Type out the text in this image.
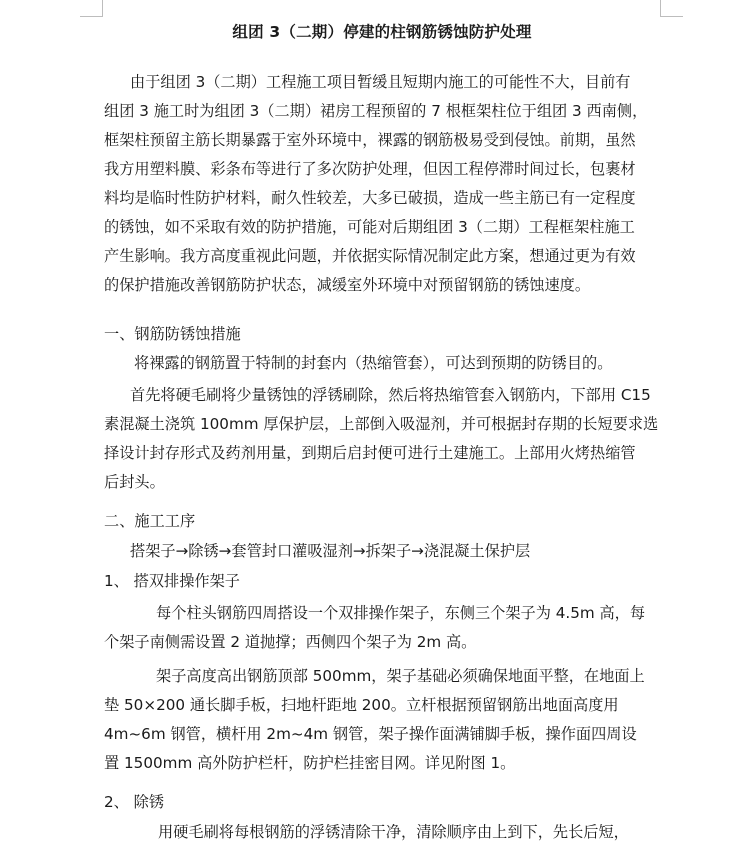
组团 3（二期）停建的柱钢筋锈蚀防护处理
由于组团 3（二期）工程施工项目暂缓且短期内施工的可能性不大，目前有
组团 3 施工时为组团 3（二期）裙房工程预留的 7 根框架柱位于组团 3 西南侧，
框架柱预留主筋长期暴露于室外环境中，裸露的钢筋极易受到侵蚀。前期，虽然
我方用塑料膜、彩条布等进行了多次防护处理，但因工程停滞时间过长，包裹材
料均是临时性防护材料，耐久性较差，大多已破损，造成一些主筋已有一定程度
的锈蚀，如不采取有效的防护措施，可能对后期组团 3（二期）工程框架柱施工
产生影响。我方高度重视此问题，并依据实际情况制定此方案，想通过更为有效
的保护措施改善钢筋防护状态，减缓室外环境中对预留钢筋的锈蚀速度。
一、钢筋防锈蚀措施
将裸露的钢筋置于特制的封套内（热缩管套），可达到预期的防锈目的。
首先将硬毛刷将少量锈蚀的浮锈刷除，然后将热缩管套入钢筋内，下部用 C15
素混凝土浇筑 100mm 厚保护层，上部倒入吸湿剂，并可根据封存期的长短要求选
择设计封存形式及药剂用量，到期后启封便可进行土建施工。上部用火烤热缩管
后封头。
二、施工工序
搭架子→除锈→套管封口灌吸湿剂→拆架子→浇混凝土保护层
1、 搭双排操作架子
每个柱头钢筋四周搭设一个双排操作架子，东侧三个架子为 4.5m 高，每
个架子南侧需设置 2 道抛撑；西侧四个架子为 2m 高。
架子高度高出钢筋顶部 500mm，架子基础必须确保地面平整，在地面上
垫 50×200 通长脚手板，扫地杆距地 200。立杆根据预留钢筋出地面高度用
4m~6m 钢管，横杆用 2m~4m 钢管，架子操作面满铺脚手板，操作面四周设
置 1500mm 高外防护栏杆，防护栏挂密目网。详见附图 1。
2、 除锈
用硬毛刷将每根钢筋的浮锈清除干净，清除顺序由上到下，先长后短，
